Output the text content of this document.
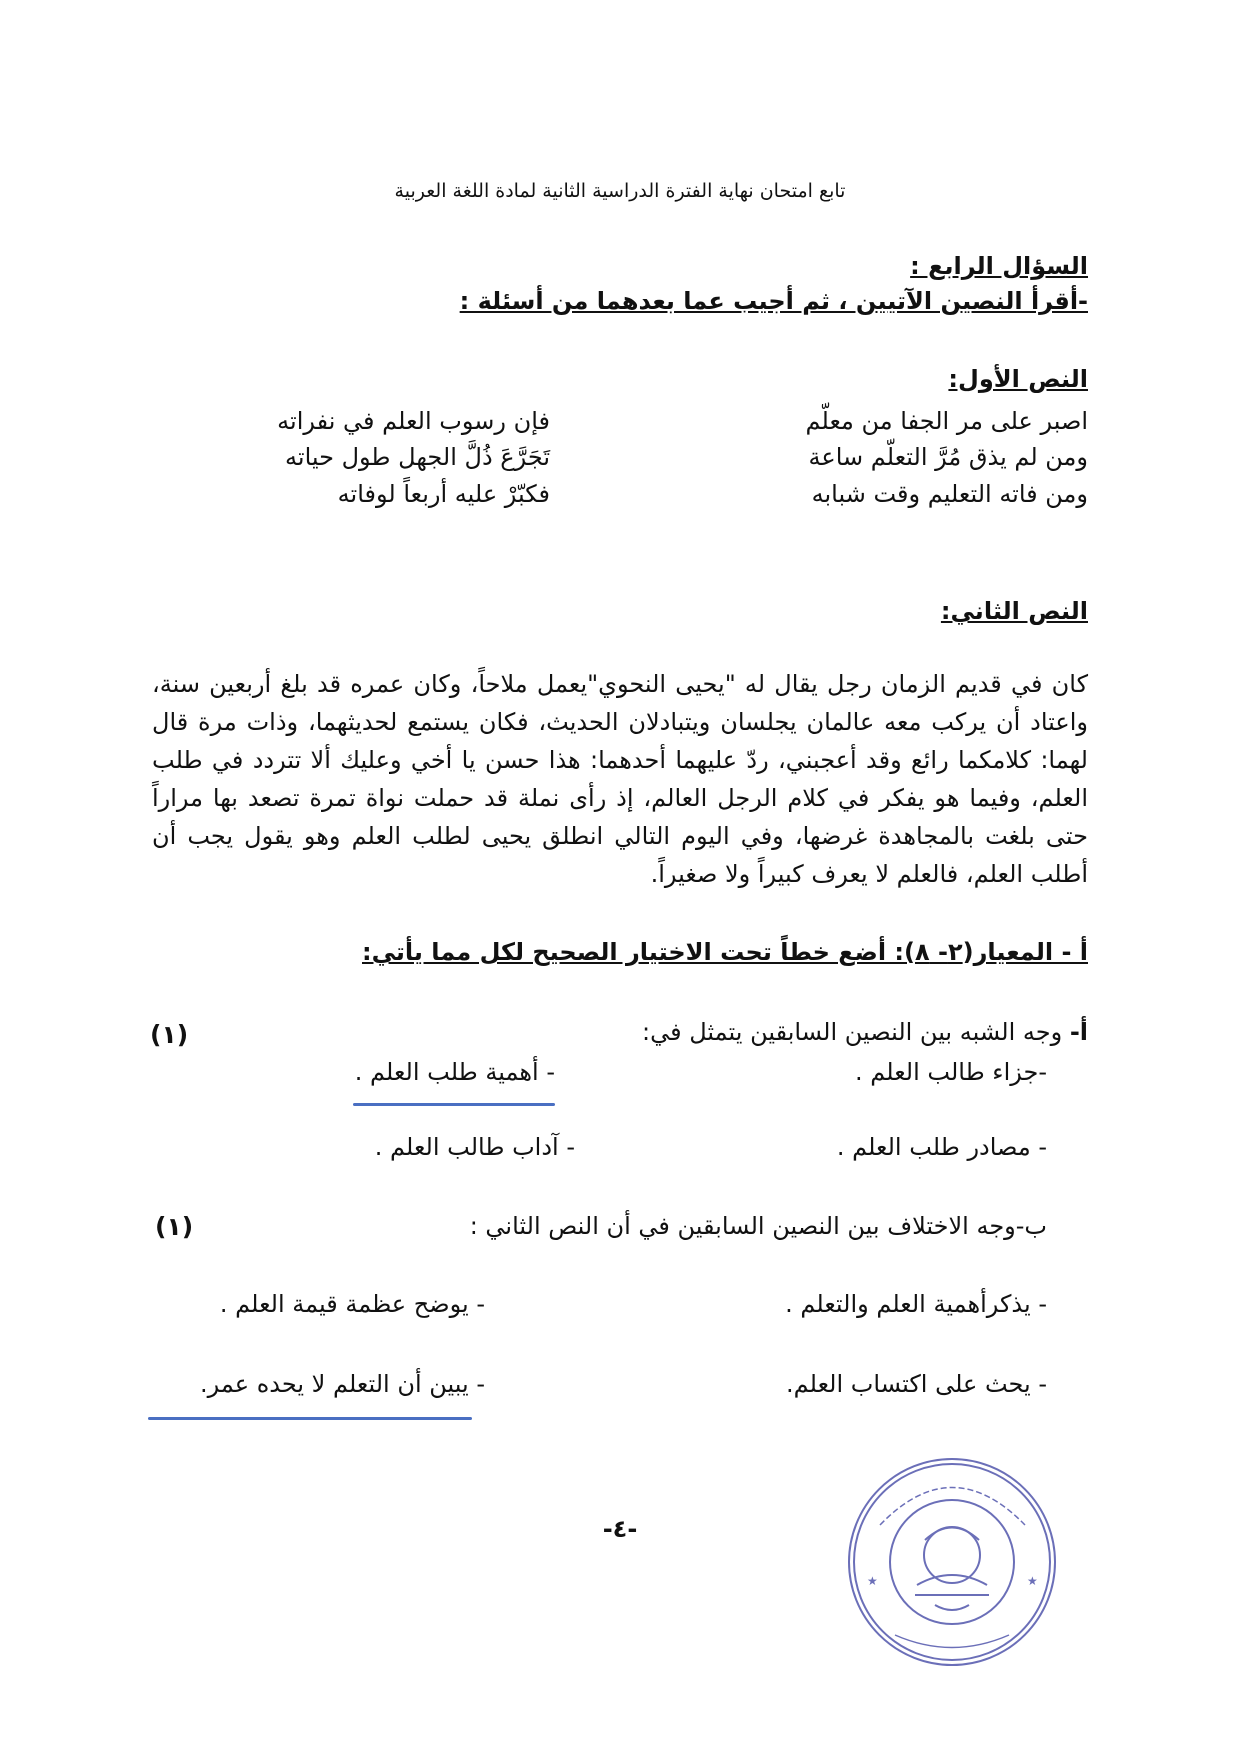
تابع امتحان نهاية الفترة الدراسية الثانية لمادة اللغة العربية
السؤال الرابع :
-أقرأ النصين الآتيين ، ثم أجيب عما بعدهما من أسئلة :
النص الأول:
اصبر على مر الجفا من معلّم
فإن رسوب العلم في نفراته
ومن لم يذق مُرَّ التعلّم ساعة
تَجَرَّعَ ذُلَّ الجهل طول حياته
ومن فاته التعليم وقت شبابه
فكبّرْ عليه أربعاً لوفاته
النص الثاني:
كان في قديم الزمان رجل يقال له "يحيى النحوي"يعمل ملاحاً، وكان عمره قد بلغ أربعين سنة، واعتاد أن يركب معه عالمان يجلسان ويتبادلان الحديث، فكان يستمع لحديثهما، وذات مرة قال لهما: كلامكما رائع وقد أعجبني، ردّ عليهما أحدهما: هذا حسن يا أخي وعليك ألا تتردد في طلب العلم، وفيما هو يفكر في كلام الرجل العالم، إذ رأى نملة قد حملت نواة تمرة تصعد بها مراراً حتى بلغت بالمجاهدة غرضها، وفي اليوم التالي انطلق يحيى لطلب العلم وهو يقول يجب أن أطلب العلم، فالعلم لا يعرف كبيراً ولا صغيراً.
أ - المعيار(٢- ٨): أضع خطاً تحت الاختيار الصحيح لكل مما يأتي:
أ- وجه الشبه بين النصين السابقين يتمثل في:
(١)
-جزاء طالب العلم .
- أهمية طلب العلم .
- مصادر طلب العلم .
- آداب طالب العلم .
ب-وجه الاختلاف بين النصين السابقين في أن النص الثاني :
(١)
- يذكرأهمية العلم والتعلم .
- يوضح عظمة قيمة العلم .
- يحث على اكتساب العلم.
- يبين أن التعلم لا يحده عمر.
-٤-
★	★
